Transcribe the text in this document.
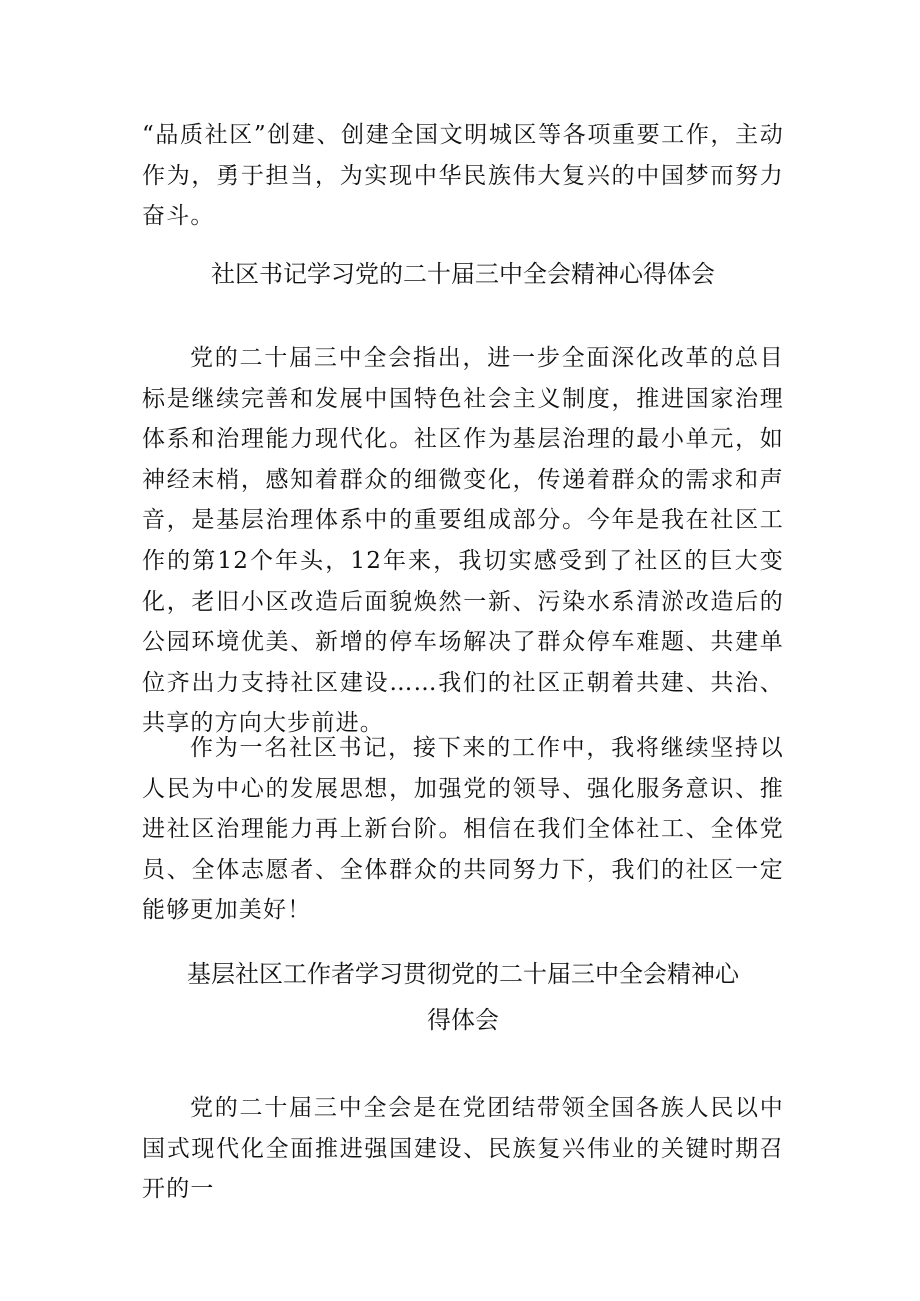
“品质社区”创建、创建全国文明城区等各项重要工作，主动作为，勇于担当，为实现中华民族伟大复兴的中国梦而努力奋斗。

社区书记学习党的二十届三中全会精神心得体会

党的二十届三中全会指出，进一步全面深化改革的总目标是继续完善和发展中国特色社会主义制度，推进国家治理体系和治理能力现代化。社区作为基层治理的最小单元，如神经末梢，感知着群众的细微变化，传递着群众的需求和声音，是基层治理体系中的重要组成部分。今年是我在社区工作的第12个年头，12年来，我切实感受到了社区的巨大变化，老旧小区改造后面貌焕然一新、污染水系清淤改造后的公园环境优美、新增的停车场解决了群众停车难题、共建单位齐出力支持社区建设……我们的社区正朝着共建、共治、共享的方向大步前进。

作为一名社区书记，接下来的工作中，我将继续坚持以人民为中心的发展思想，加强党的领导、强化服务意识、推进社区治理能力再上新台阶。相信在我们全体社工、全体党员、全体志愿者、全体群众的共同努力下，我们的社区一定能够更加美好！

基层社区工作者学习贯彻党的二十届三中全会精神心
得体会

党的二十届三中全会是在党团结带领全国各族人民以中国式现代化全面推进强国建设、民族复兴伟业的关键时期召开的一
